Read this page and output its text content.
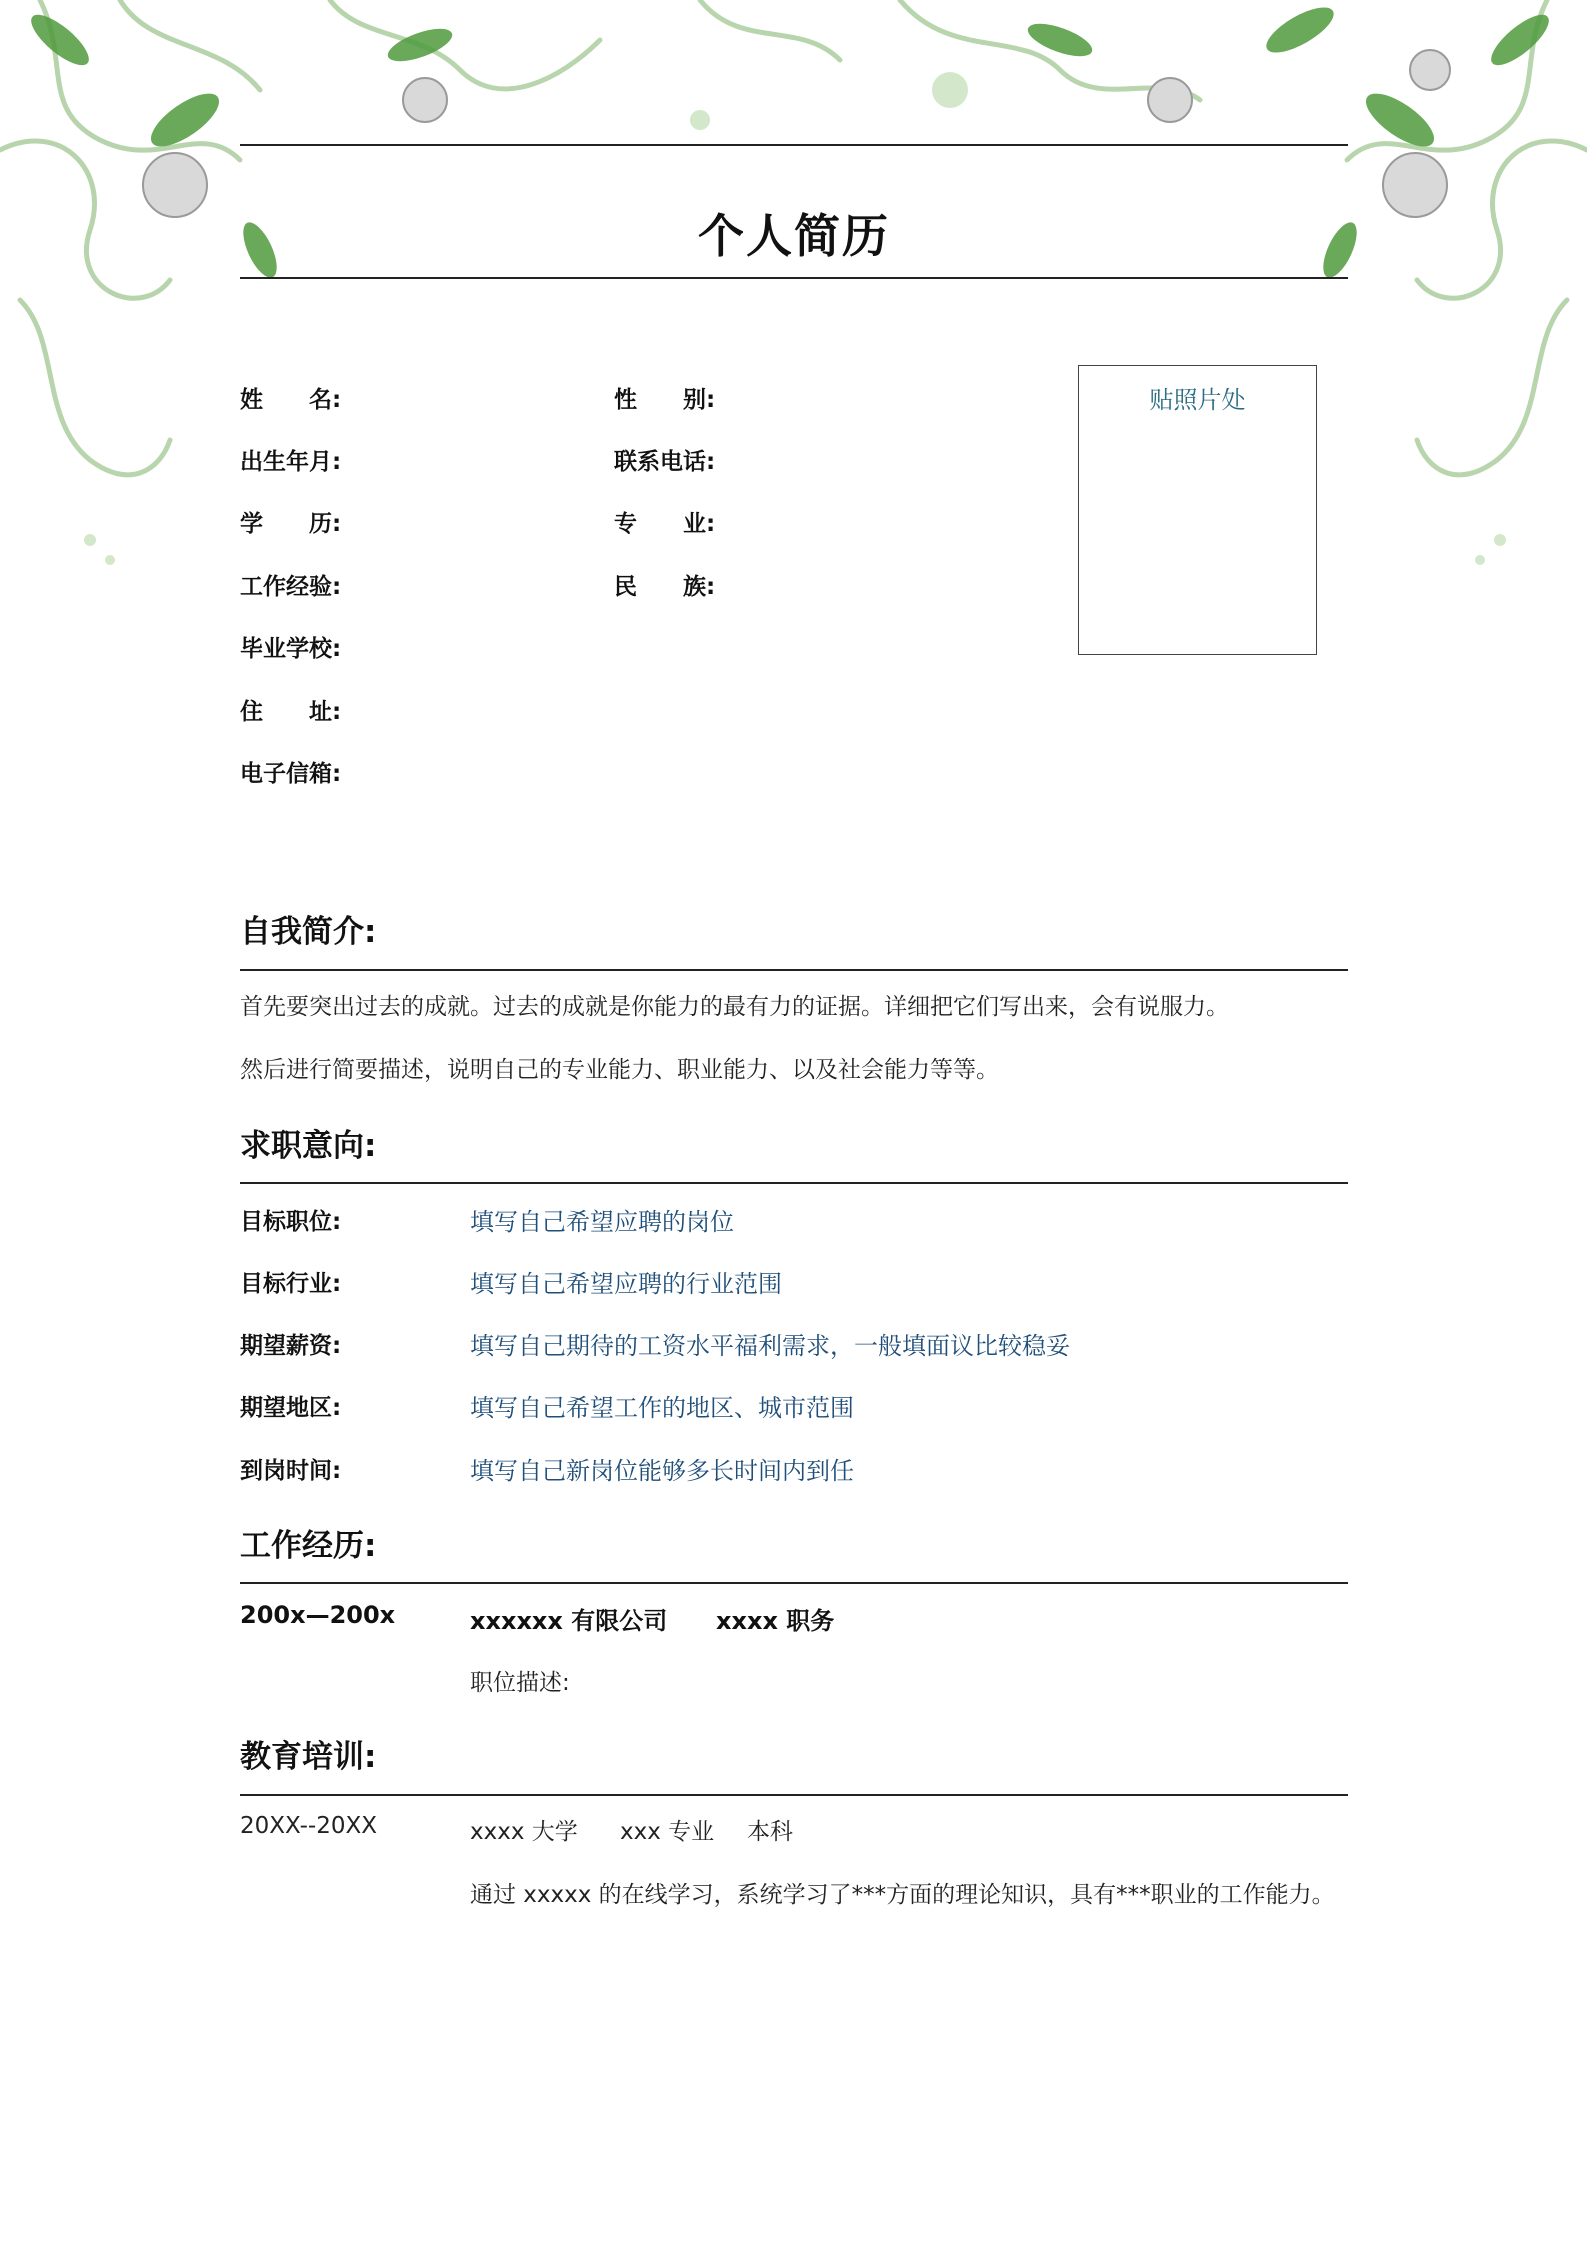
个人简历
姓　　名:	性　　别:
出生年月:	联系电话:
学　　历:	专　　业:
工作经验:	民　　族:
毕业学校:
住　　址:
电子信箱:
贴照片处
自我简介:
首先要突出过去的成就。过去的成就是你能力的最有力的证据。详细把它们写出来，会有说服力。
然后进行简要描述，说明自己的专业能力、职业能力、以及社会能力等等。
求职意向:
目标职位:	填写自己希望应聘的岗位
目标行业:	填写自己希望应聘的行业范围
期望薪资:	填写自己期待的工资水平福利需求，一般填面议比较稳妥
期望地区:	填写自己希望工作的地区、城市范围
到岗时间:	填写自己新岗位能够多长时间内到任
工作经历:
200x—200x	xxxxxx 有限公司 xxxx 职务
职位描述:
教育培训:
20XX--20XX	xxxx 大学 xxx 专业 本科
通过 xxxxx 的在线学习，系统学习了***方面的理论知识，具有***职业的工作能力。
